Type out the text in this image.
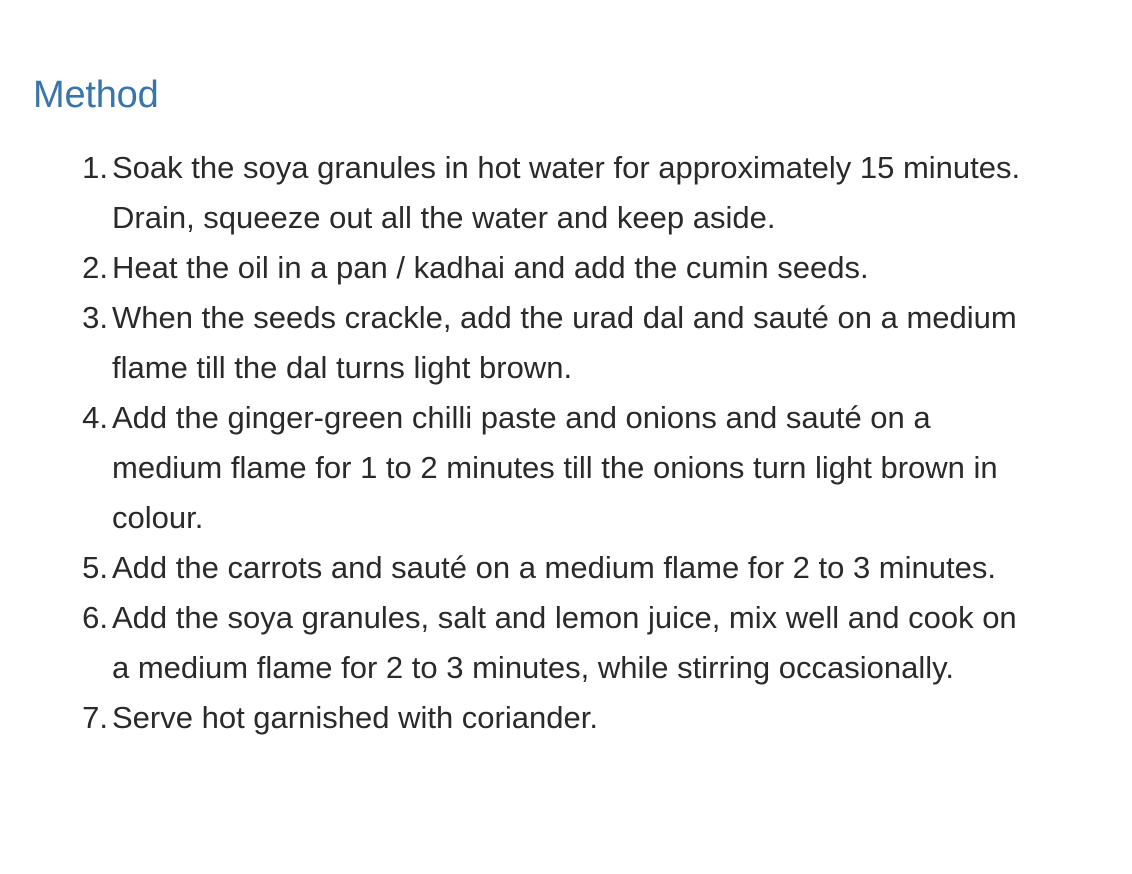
Method
1. Soak the soya granules in hot water for approximately 15 minutes. Drain, squeeze out all the water and keep aside.
2. Heat the oil in a pan / kadhai and add the cumin seeds.
3. When the seeds crackle, add the urad dal and sauté on a medium flame till the dal turns light brown.
4. Add the ginger-green chilli paste and onions and sauté on a medium flame for 1 to 2 minutes till the onions turn light brown in colour.
5. Add the carrots and sauté on a medium flame for 2 to 3 minutes.
6. Add the soya granules, salt and lemon juice, mix well and cook on a medium flame for 2 to 3 minutes, while stirring occasionally.
7. Serve hot garnished with coriander.
